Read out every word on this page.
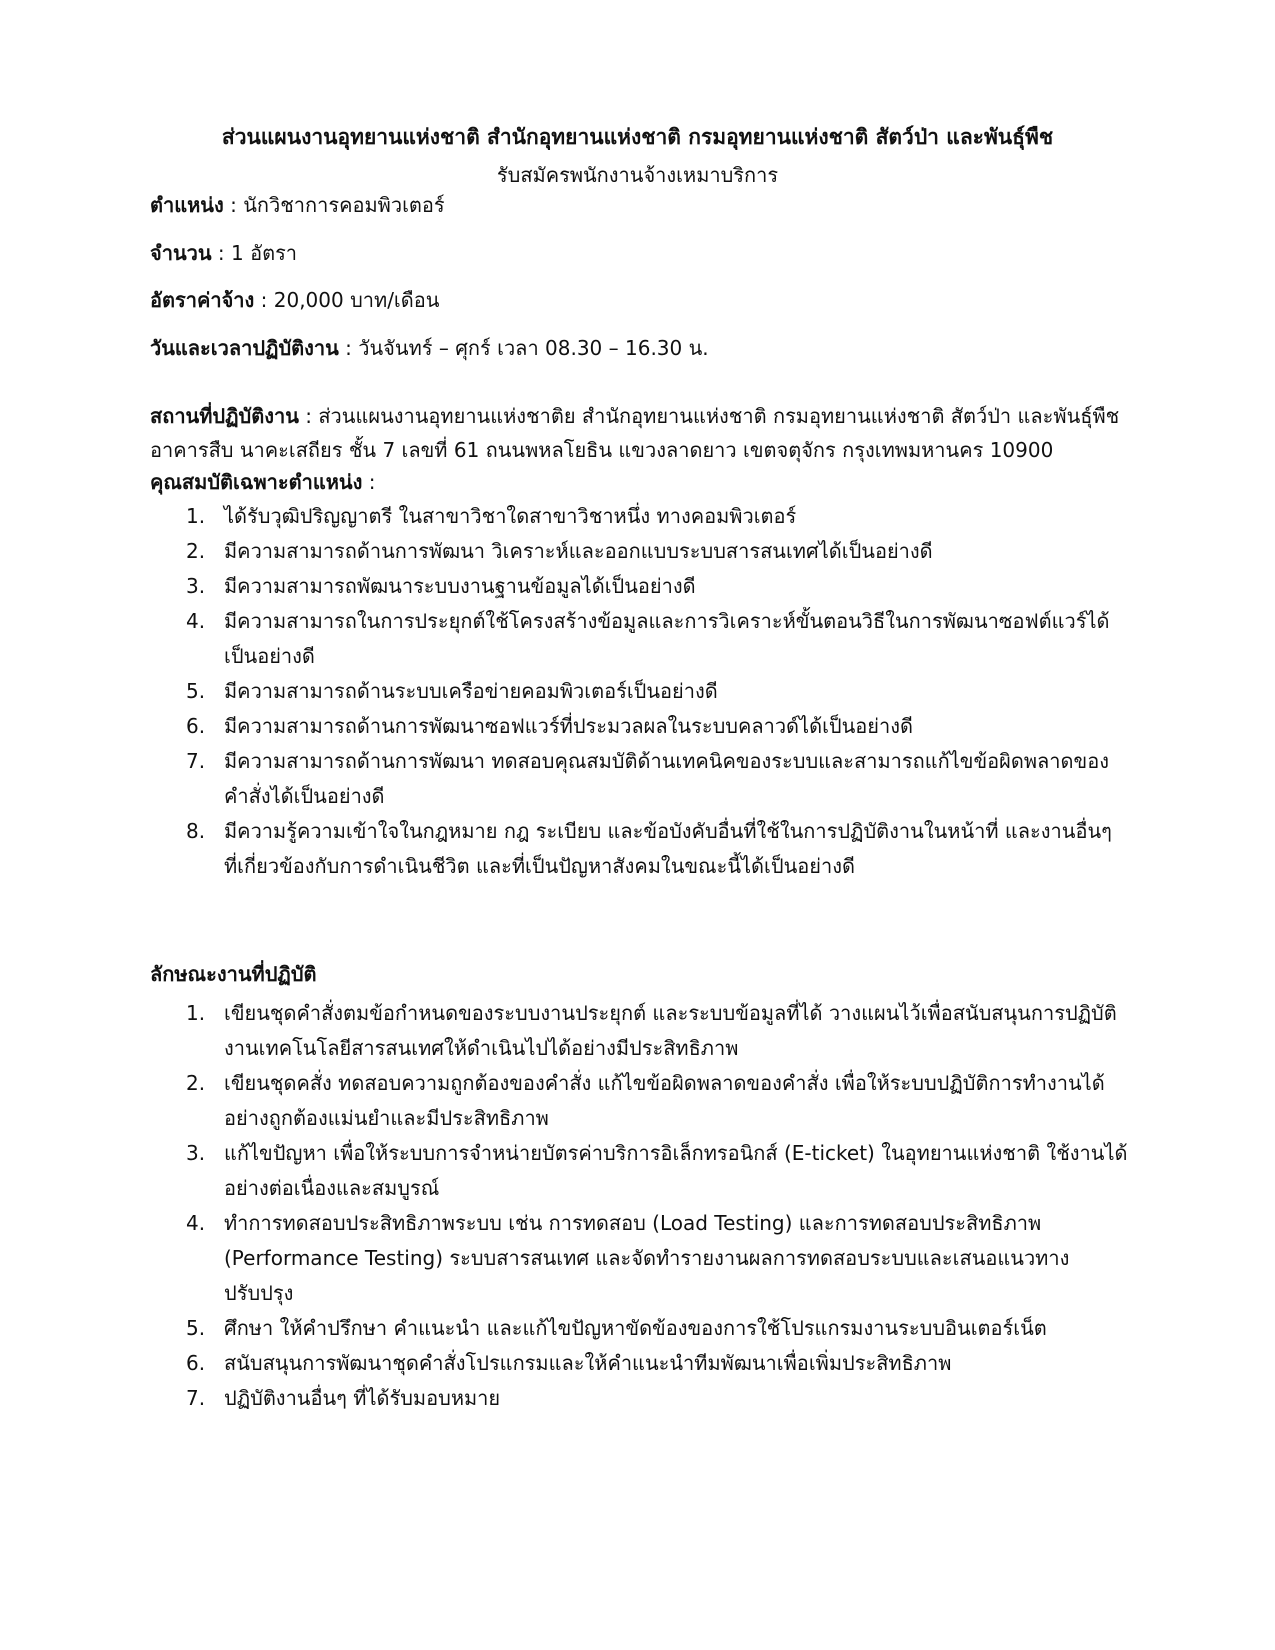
ส่วนแผนงานอุทยานแห่งชาติ สำนักอุทยานแห่งชาติ กรมอุทยานแห่งชาติ สัตว์ป่า และพันธุ์พืช
รับสมัครพนักงานจ้างเหมาบริการ
ตำแหน่ง : นักวิชาการคอมพิวเตอร์
จำนวน : 1 อัตรา
อัตราค่าจ้าง : 20,000 บาท/เดือน
วันและเวลาปฏิบัติงาน : วันจันทร์ – ศุกร์ เวลา 08.30 – 16.30 น.
สถานที่ปฏิบัติงาน : ส่วนแผนงานอุทยานแห่งชาติย สำนักอุทยานแห่งชาติ กรมอุทยานแห่งชาติ สัตว์ป่า และพันธุ์พืช อาคารสืบ นาคะเสถียร ชั้น 7 เลขที่ 61 ถนนพหลโยธิน แขวงลาดยาว เขตจตุจักร กรุงเทพมหานคร 10900
คุณสมบัติเฉพาะตำแหน่ง :
1. ได้รับวุฒิปริญญาตรี ในสาขาวิชาใดสาขาวิชาหนึ่ง ทางคอมพิวเตอร์
2. มีความสามารถด้านการพัฒนา วิเคราะห์และออกแบบระบบสารสนเทศได้เป็นอย่างดี
3. มีความสามารถพัฒนาระบบงานฐานข้อมูลได้เป็นอย่างดี
4. มีความสามารถในการประยุกต์ใช้โครงสร้างข้อมูลและการวิเคราะห์ขั้นตอนวิธีในการพัฒนาซอฟต์แวร์ได้เป็นอย่างดี
5. มีความสามารถด้านระบบเครือข่ายคอมพิวเตอร์เป็นอย่างดี
6. มีความสามารถด้านการพัฒนาซอฟแวร์ที่ประมวลผลในระบบคลาวด์ได้เป็นอย่างดี
7. มีความสามารถด้านการพัฒนา ทดสอบคุณสมบัติด้านเทคนิคของระบบและสามารถแก้ไขข้อผิดพลาดของคำสั่งได้เป็นอย่างดี
8. มีความรู้ความเข้าใจในกฎหมาย กฎ ระเบียบ และข้อบังคับอื่นที่ใช้ในการปฏิบัติงานในหน้าที่ และงานอื่นๆ ที่เกี่ยวข้องกับการดำเนินชีวิต และที่เป็นปัญหาสังคมในขณะนี้ได้เป็นอย่างดี
ลักษณะงานที่ปฏิบัติ
1. เขียนชุดคำสั่งตมข้อกำหนดของระบบงานประยุกต์ และระบบข้อมูลที่ได้ วางแผนไว้เพื่อสนับสนุนการปฏิบัติงานเทคโนโลยีสารสนเทศให้ดำเนินไปได้อย่างมีประสิทธิภาพ
2. เขียนชุดคสั่ง ทดสอบความถูกต้องของคำสั่ง แก้ไขข้อผิดพลาดของคำสั่ง เพื่อให้ระบบปฏิบัติการทำงานได้อย่างถูกต้องแม่นยำและมีประสิทธิภาพ
3. แก้ไขปัญหา เพื่อให้ระบบการจำหน่ายบัตรค่าบริการอิเล็กทรอนิกส์ (E-ticket) ในอุทยานแห่งชาติ ใช้งานได้อย่างต่อเนื่องและสมบูรณ์
4. ทำการทดสอบประสิทธิภาพระบบ เช่น การทดสอบ (Load Testing) และการทดสอบประสิทธิภาพ (Performance Testing) ระบบสารสนเทศ และจัดทำรายงานผลการทดสอบระบบและเสนอแนวทางปรับปรุง
5. ศึกษา ให้คำปรึกษา คำแนะนำ และแก้ไขปัญหาขัดข้องของการใช้โปรแกรมงานระบบอินเตอร์เน็ต
6. สนับสนุนการพัฒนาชุดคำสั่งโปรแกรมและให้คำแนะนำทีมพัฒนาเพื่อเพิ่มประสิทธิภาพ
7. ปฏิบัติงานอื่นๆ ที่ได้รับมอบหมาย
